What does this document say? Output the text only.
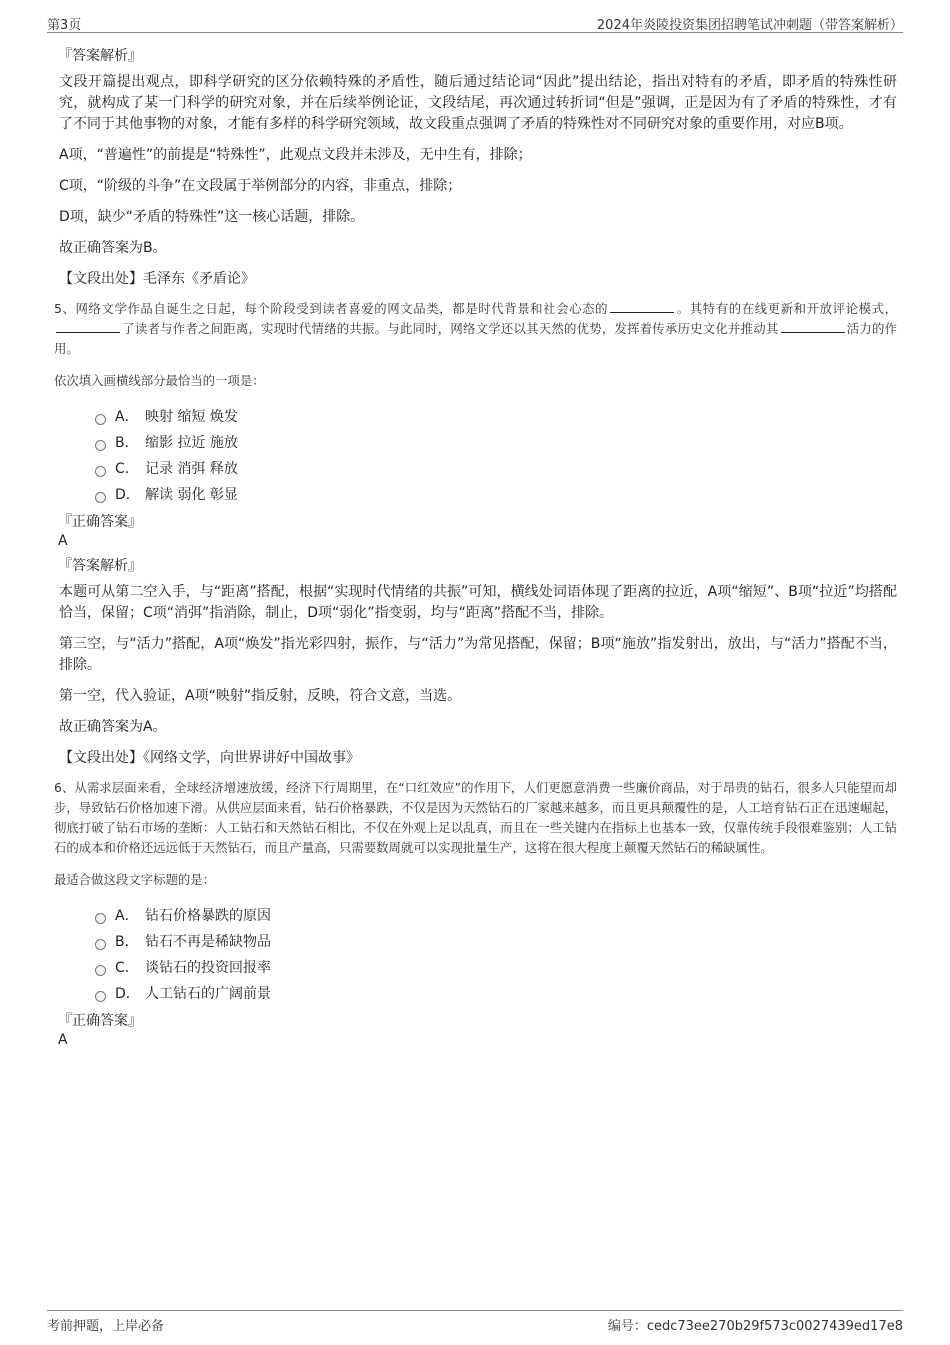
第3页	2024年炎陵投资集团招聘笔试冲刺题（带答案解析）
『答案解析』
文段开篇提出观点，即科学研究的区分依赖特殊的矛盾性，随后通过结论词“因此”提出结论，指出对特有的矛盾，即矛盾的特殊性研究，就构成了某一门科学的研究对象，并在后续举例论证，文段结尾，再次通过转折词“但是”强调，正是因为有了矛盾的特殊性，才有了不同于其他事物的对象，才能有多样的科学研究领域，故文段重点强调了矛盾的特殊性对不同研究对象的重要作用，对应B项。
A项，“普遍性”的前提是“特殊性”，此观点文段并未涉及，无中生有，排除；
C项，“阶级的斗争”在文段属于举例部分的内容，非重点，排除；
D项，缺少“矛盾的特殊性”这一核心话题，排除。
故正确答案为B。
【文段出处】毛泽东《矛盾论》
5、网络文学作品自诞生之日起，每个阶段受到读者喜爱的网文品类，都是时代背景和社会心态的	。其特有的在线更新和开放评论模式，了读者与作者之间距离，实现时代情绪的共振。与此同时，网络文学还以其天然的优势，发挥着传承历史文化并推动其	活力的作用。
依次填入画横线部分最恰当的一项是：
A． 映射 缩短 焕发
B． 缩影 拉近 施放
C． 记录 消弭 释放
D． 解读 弱化 彰显
『正确答案』
A
『答案解析』
本题可从第二空入手，与“距离”搭配，根据“实现时代情绪的共振”可知，横线处词语体现了距离的拉近，A项“缩短”、B项“拉近”均搭配恰当，保留；C项“消弭”指消除，制止，D项“弱化”指变弱，均与“距离”搭配不当，排除。
第三空，与“活力”搭配，A项“焕发”指光彩四射，振作，与“活力”为常见搭配，保留；B项“施放”指发射出，放出，与“活力”搭配不当，排除。
第一空，代入验证，A项“映射”指反射，反映，符合文意，当选。
故正确答案为A。
【文段出处】《网络文学，向世界讲好中国故事》
6、从需求层面来看，全球经济增速放缓，经济下行周期里，在“口红效应”的作用下，人们更愿意消费一些廉价商品，对于昂贵的钻石，很多人只能望而却步，导致钻石价格加速下滑。从供应层面来看，钻石价格暴跌，不仅是因为天然钻石的厂家越来越多，而且更具颠覆性的是，人工培育钻石正在迅速崛起，彻底打破了钻石市场的垄断：人工钻石和天然钻石相比，不仅在外观上足以乱真，而且在一些关键内在指标上也基本一致，仅靠传统手段很难鉴别；人工钻石的成本和价格还远远低于天然钻石，而且产量高，只需要数周就可以实现批量生产，这将在很大程度上颠覆天然钻石的稀缺属性。
最适合做这段文字标题的是：
A． 钻石价格暴跌的原因
B． 钻石不再是稀缺物品
C． 谈钻石的投资回报率
D． 人工钻石的广阔前景
『正确答案』
A
考前押题，上岸必备	编号：cedc73ee270b29f573c0027439ed17e8
